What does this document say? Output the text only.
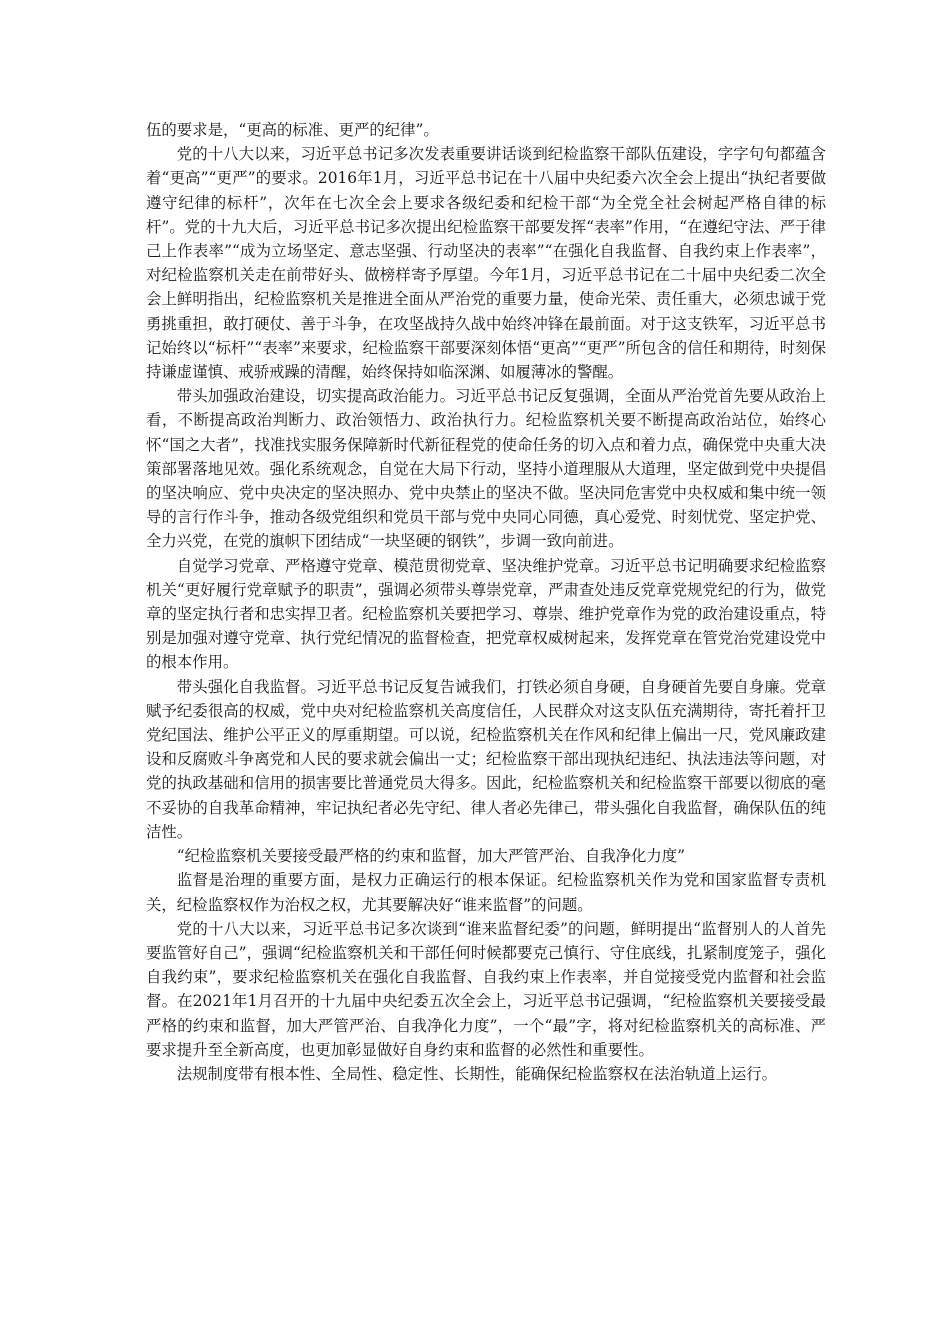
伍的要求是，“更高的标准、更严的纪律”。

党的十八大以来，习近平总书记多次发表重要讲话谈到纪检监察干部队伍建设，字字句句都蕴含着“更高”“更严”的要求。2016年1月，习近平总书记在十八届中央纪委六次全会上提出“执纪者要做遵守纪律的标杆”，次年在七次全会上要求各级纪委和纪检干部“为全党全社会树起严格自律的标杆”。党的十九大后，习近平总书记多次提出纪检监察干部要发挥“表率”作用，“在遵纪守法、严于律己上作表率”“成为立场坚定、意志坚强、行动坚决的表率”“在强化自我监督、自我约束上作表率”，对纪检监察机关走在前带好头、做榜样寄予厚望。今年1月，习近平总书记在二十届中央纪委二次全会上鲜明指出，纪检监察机关是推进全面从严治党的重要力量，使命光荣、责任重大，必须忠诚于党勇挑重担，敢打硬仗、善于斗争，在攻坚战持久战中始终冲锋在最前面。对于这支铁军，习近平总书记始终以“标杆”“表率”来要求，纪检监察干部要深刻体悟“更高”“更严”所包含的信任和期待，时刻保持谦虚谨慎、戒骄戒躁的清醒，始终保持如临深渊、如履薄冰的警醒。

带头加强政治建设，切实提高政治能力。习近平总书记反复强调，全面从严治党首先要从政治上看，不断提高政治判断力、政治领悟力、政治执行力。纪检监察机关要不断提高政治站位，始终心怀“国之大者”，找准找实服务保障新时代新征程党的使命任务的切入点和着力点，确保党中央重大决策部署落地见效。强化系统观念，自觉在大局下行动，坚持小道理服从大道理，坚定做到党中央提倡的坚决响应、党中央决定的坚决照办、党中央禁止的坚决不做。坚决同危害党中央权威和集中统一领导的言行作斗争，推动各级党组织和党员干部与党中央同心同德，真心爱党、时刻忧党、坚定护党、全力兴党，在党的旗帜下团结成“一块坚硬的钢铁”，步调一致向前进。

自觉学习党章、严格遵守党章、模范贯彻党章、坚决维护党章。习近平总书记明确要求纪检监察机关“更好履行党章赋予的职责”，强调必须带头尊崇党章，严肃查处违反党章党规党纪的行为，做党章的坚定执行者和忠实捍卫者。纪检监察机关要把学习、尊崇、维护党章作为党的政治建设重点，特别是加强对遵守党章、执行党纪情况的监督检查，把党章权威树起来，发挥党章在管党治党建设党中的根本作用。

带头强化自我监督。习近平总书记反复告诫我们，打铁必须自身硬，自身硬首先要自身廉。党章赋予纪委很高的权威，党中央对纪检监察机关高度信任，人民群众对这支队伍充满期待，寄托着扞卫党纪国法、维护公平正义的厚重期望。可以说，纪检监察机关在作风和纪律上偏出一尺，党风廉政建设和反腐败斗争离党和人民的要求就会偏出一丈；纪检监察干部出现执纪违纪、执法违法等问题，对党的执政基础和信用的损害要比普通党员大得多。因此，纪检监察机关和纪检监察干部要以彻底的毫不妥协的自我革命精神，牢记执纪者必先守纪、律人者必先律己，带头强化自我监督，确保队伍的纯洁性。

“纪检监察机关要接受最严格的约束和监督，加大严管严治、自我净化力度”

监督是治理的重要方面，是权力正确运行的根本保证。纪检监察机关作为党和国家监督专责机关，纪检监察权作为治权之权，尤其要解决好“谁来监督”的问题。

党的十八大以来，习近平总书记多次谈到“谁来监督纪委”的问题，鲜明提出“监督别人的人首先要监管好自己”，强调“纪检监察机关和干部任何时候都要克己慎行、守住底线，扎紧制度笼子，强化自我约束”，要求纪检监察机关在强化自我监督、自我约束上作表率，并自觉接受党内监督和社会监督。在2021年1月召开的十九届中央纪委五次全会上，习近平总书记强调，“纪检监察机关要接受最严格的约束和监督，加大严管严治、自我净化力度”，一个“最”字，将对纪检监察机关的高标准、严要求提升至全新高度，也更加彰显做好自身约束和监督的必然性和重要性。

法规制度带有根本性、全局性、稳定性、长期性，能确保纪检监察权在法治轨道上运行。
